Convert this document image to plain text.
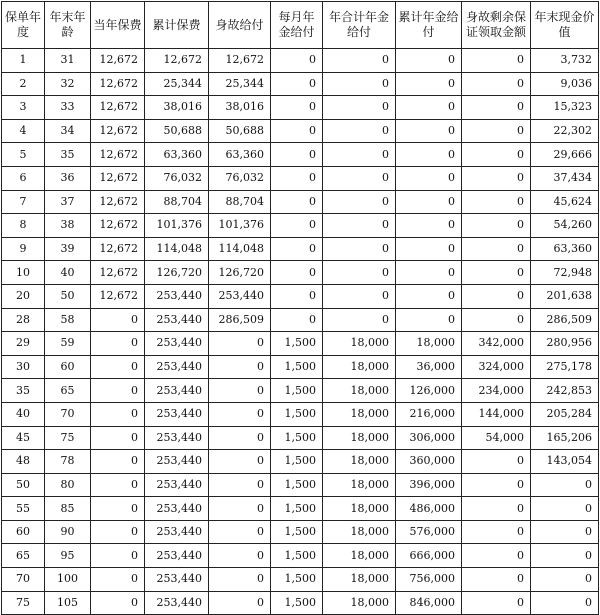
保单年度	年末年龄	当年保费	累计保费	身故给付	每月年金给付	年合计年金给付	累计年金给付	身故剩余保证领取金额	年末现金价值
1	31	12,672	12,672	12,672	0	0	0	0	3,732
2	32	12,672	25,344	25,344	0	0	0	0	9,036
3	33	12,672	38,016	38,016	0	0	0	0	15,323
4	34	12,672	50,688	50,688	0	0	0	0	22,302
5	35	12,672	63,360	63,360	0	0	0	0	29,666
6	36	12,672	76,032	76,032	0	0	0	0	37,434
7	37	12,672	88,704	88,704	0	0	0	0	45,624
8	38	12,672	101,376	101,376	0	0	0	0	54,260
9	39	12,672	114,048	114,048	0	0	0	0	63,360
10	40	12,672	126,720	126,720	0	0	0	0	72,948
20	50	12,672	253,440	253,440	0	0	0	0	201,638
28	58	0	253,440	286,509	0	0	0	0	286,509
29	59	0	253,440	0	1,500	18,000	18,000	342,000	280,956
30	60	0	253,440	0	1,500	18,000	36,000	324,000	275,178
35	65	0	253,440	0	1,500	18,000	126,000	234,000	242,853
40	70	0	253,440	0	1,500	18,000	216,000	144,000	205,284
45	75	0	253,440	0	1,500	18,000	306,000	54,000	165,206
48	78	0	253,440	0	1,500	18,000	360,000	0	143,054
50	80	0	253,440	0	1,500	18,000	396,000	0	0
55	85	0	253,440	0	1,500	18,000	486,000	0	0
60	90	0	253,440	0	1,500	18,000	576,000	0	0
65	95	0	253,440	0	1,500	18,000	666,000	0	0
70	100	0	253,440	0	1,500	18,000	756,000	0	0
75	105	0	253,440	0	1,500	18,000	846,000	0	0
